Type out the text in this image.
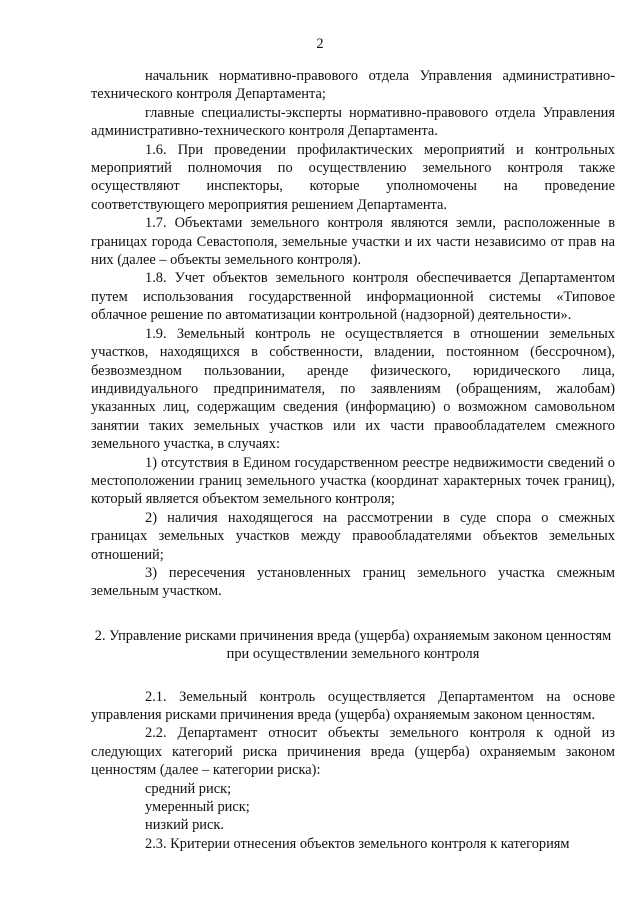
2

начальник нормативно-правового отдела Управления административно-технического контроля Департамента;

главные специалисты-эксперты нормативно-правового отдела Управления административно-технического контроля Департамента.

1.6. При проведении профилактических мероприятий и контрольных мероприятий полномочия по осуществлению земельного контроля также осуществляют инспекторы, которые уполномочены на проведение соответствующего мероприятия решением Департамента.

1.7. Объектами земельного контроля являются земли, расположенные в границах города Севастополя, земельные участки и их части независимо от прав на них (далее – объекты земельного контроля).

1.8. Учет объектов земельного контроля обеспечивается Департаментом путем использования государственной информационной системы «Типовое облачное решение по автоматизации контрольной (надзорной) деятельности».

1.9. Земельный контроль не осуществляется в отношении земельных участков, находящихся в собственности, владении, постоянном (бессрочном), безвозмездном пользовании, аренде физического, юридического лица, индивидуального предпринимателя, по заявлениям (обращениям, жалобам) указанных лиц, содержащим сведения (информацию) о возможном самовольном занятии таких земельных участков или их части правообладателем смежного земельного участка, в случаях:

1) отсутствия в Едином государственном реестре недвижимости сведений о местоположении границ земельного участка (координат характерных точек границ), который является объектом земельного контроля;

2) наличия находящегося на рассмотрении в суде спора о смежных границах земельных участков между правообладателями объектов земельных отношений;

3) пересечения установленных границ земельного участка смежным земельным участком.

2. Управление рисками причинения вреда (ущерба) охраняемым законом ценностям при осуществлении земельного контроля

2.1. Земельный контроль осуществляется Департаментом на основе управления рисками причинения вреда (ущерба) охраняемым законом ценностям.

2.2. Департамент относит объекты земельного контроля к одной из следующих категорий риска причинения вреда (ущерба) охраняемым законом ценностям (далее – категории риска):

средний риск;

умеренный риск;

низкий риск.

2.3. Критерии отнесения объектов земельного контроля к категориям
